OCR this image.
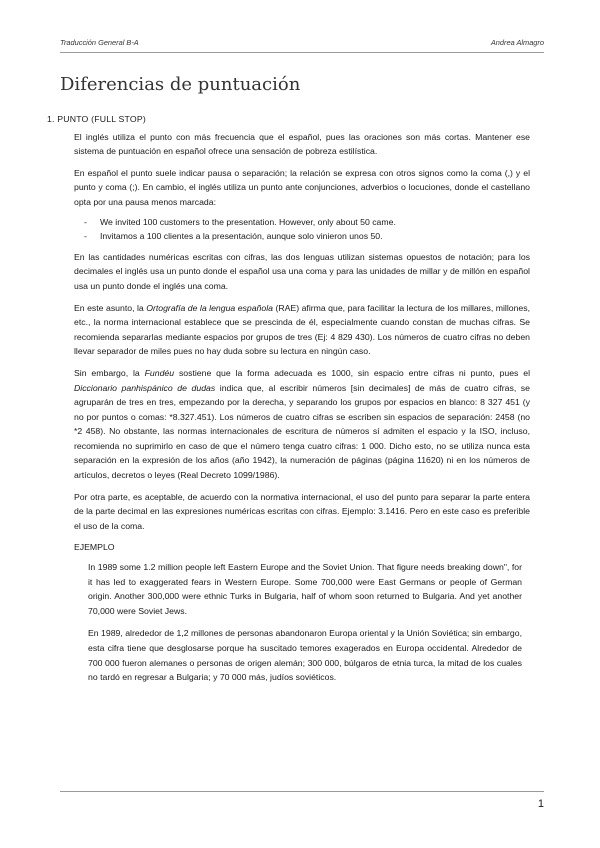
Traducción General B-A	Andrea Almagro
Diferencias de puntuación
1. PUNTO (FULL STOP)

El inglés utiliza el punto con más frecuencia que el español, pues las oraciones son más cortas. Mantener ese sistema de puntuación en español ofrece una sensación de pobreza estilística.

En español el punto suele indicar pausa o separación; la relación se expresa con otros signos como la coma (,) y el punto y coma (;). En cambio, el inglés utiliza un punto ante conjunciones, adverbios o locuciones, donde el castellano opta por una pausa menos marcada:

- We invited 100 customers to the presentation. However, only about 50 came.
- Invitamos a 100 clientes a la presentación, aunque solo vinieron unos 50.

En las cantidades numéricas escritas con cifras, las dos lenguas utilizan sistemas opuestos de notación; para los decimales el inglés usa un punto donde el español usa una coma y para las unidades de millar y de millón en español usa un punto donde el inglés una coma.

En este asunto, la Ortografía de la lengua española (RAE) afirma que, para facilitar la lectura de los millares, millones, etc., la norma internacional establece que se prescinda de él, especialmente cuando constan de muchas cifras. Se recomienda separarlas mediante espacios por grupos de tres (Ej: 4 829 430). Los números de cuatro cifras no deben llevar separador de miles pues no hay duda sobre su lectura en ningún caso.

Sin embargo, la Fundéu sostiene que la forma adecuada es 1000, sin espacio entre cifras ni punto, pues el Diccionario panhispánico de dudas indica que, al escribir números [sin decimales] de más de cuatro cifras, se agruparán de tres en tres, empezando por la derecha, y separando los grupos por espacios en blanco: 8 327 451 (y no por puntos o comas: *8.327.451). Los números de cuatro cifras se escriben sin espacios de separación: 2458 (no *2 458). No obstante, las normas internacionales de escritura de números sí admiten el espacio y la ISO, incluso, recomienda no suprimirlo en caso de que el número tenga cuatro cifras: 1 000. Dicho esto, no se utiliza nunca esta separación en la expresión de los años (año 1942), la numeración de páginas (página 11620) ni en los números de artículos, decretos o leyes (Real Decreto 1099/1986).

Por otra parte, es aceptable, de acuerdo con la normativa internacional, el uso del punto para separar la parte entera de la parte decimal en las expresiones numéricas escritas con cifras. Ejemplo: 3.1416. Pero en este caso es preferible el uso de la coma.

EJEMPLO

In 1989 some 1.2 million people left Eastern Europe and the Soviet Union. That figure needs breaking down", for it has led to exaggerated fears in Western Europe. Some 700,000 were East Germans or people of German origin. Another 300,000 were ethnic Turks in Bulgaria, half of whom soon returned to Bulgaria. And yet another 70,000 were Soviet Jews.

En 1989, alrededor de 1,2 millones de personas abandonaron Europa oriental y la Unión Soviética; sin embargo, esta cifra tiene que desglosarse porque ha suscitado temores exagerados en Europa occidental. Alrededor de 700 000 fueron alemanes o personas de origen alemán; 300 000, búlgaros de etnia turca, la mitad de los cuales no tardó en regresar a Bulgaria; y 70 000 más, judíos soviéticos.

1
